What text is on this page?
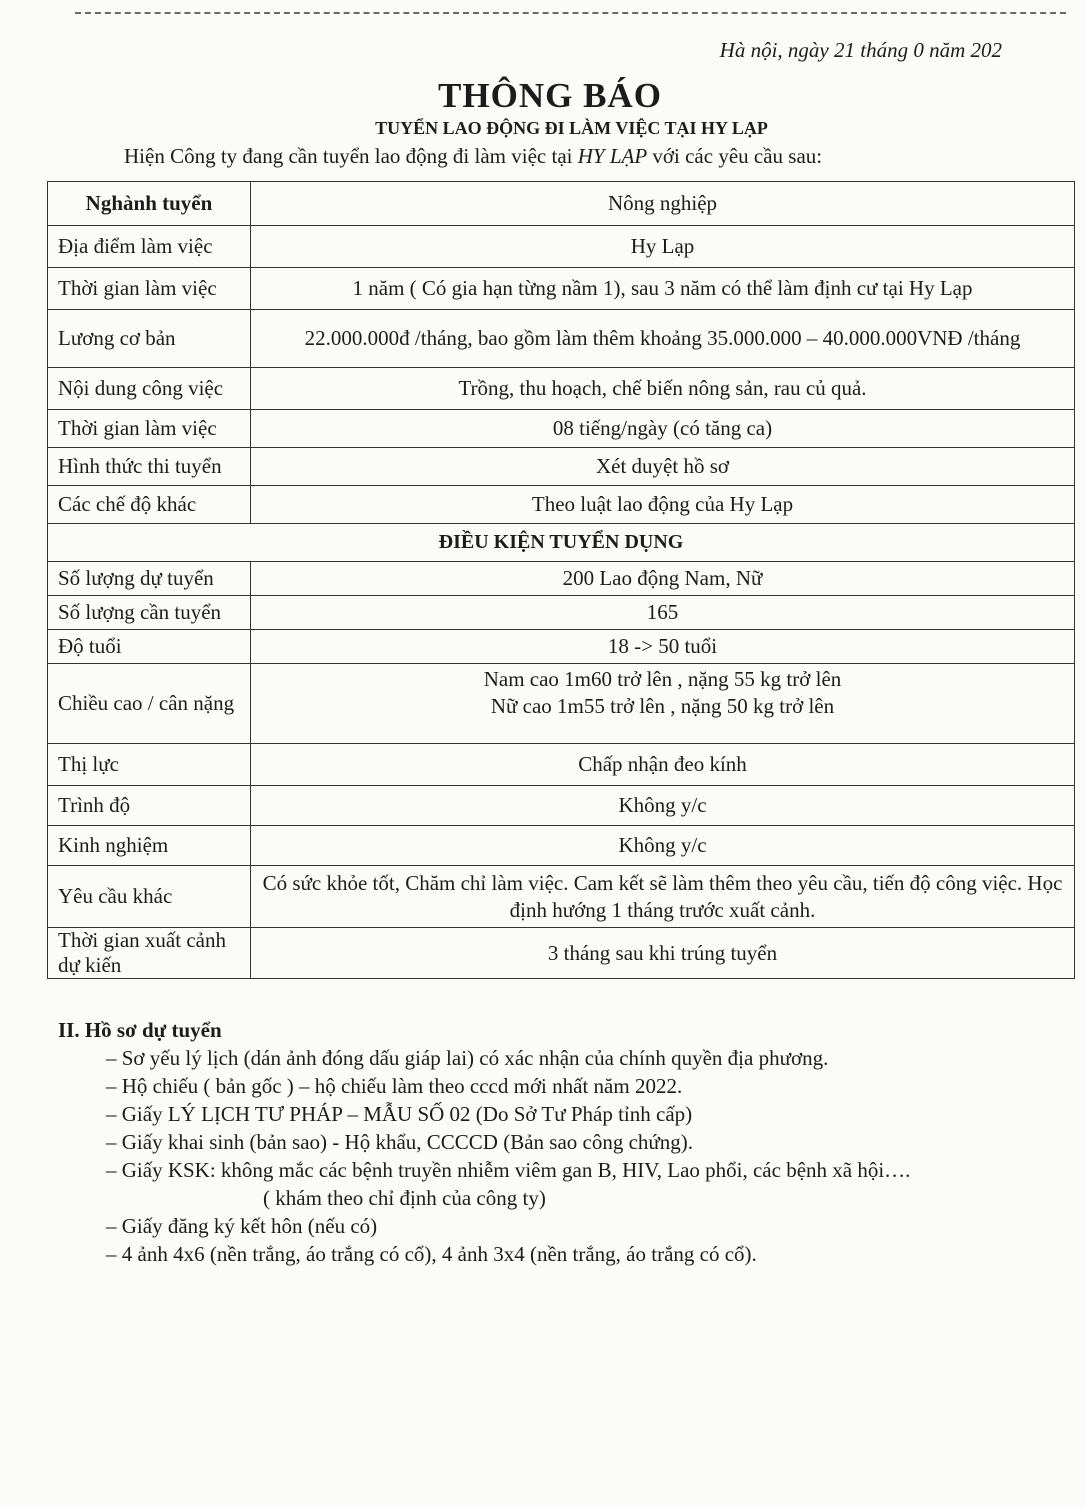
Hà nội, ngày 21 tháng 0 năm 202
THÔNG BÁO
TUYỂN LAO ĐỘNG ĐI LÀM VIỆC TẠI HY LẠP
Hiện Công ty đang cần tuyển lao động đi làm việc tại HY LẠP với các yêu cầu sau:
Nghành tuyển	Nông nghiệp
Địa điểm làm việc	Hy Lạp
Thời gian làm việc	1 năm ( Có gia hạn từng nầm 1), sau 3 năm có thể làm định cư tại Hy Lạp
Lương cơ bản	22.000.000đ /tháng, bao gồm làm thêm khoảng 35.000.000 – 40.000.000VNĐ /tháng
Nội dung công việc	Trồng, thu hoạch, chế biến nông sản, rau củ quả.
Thời gian làm việc	08 tiếng/ngày (có tăng ca)
Hình thức thi tuyển	Xét duyệt hồ sơ
Các chế độ khác	Theo luật lao động của Hy Lạp
ĐIỀU KIỆN TUYỂN DỤNG	
Số lượng dự tuyển	200 Lao động Nam, Nữ
Số lượng cần tuyển	165
Độ tuổi	18 -> 50 tuổi
Chiều cao / cân nặng	Nam cao 1m60 trở lên , nặng 55 kg trở lên
Nữ cao 1m55 trở lên , nặng 50 kg trở lên

Thị lực	Chấp nhận đeo kính
Trình độ	Không y/c
Kinh nghiệm	Không y/c
Yêu cầu khác	Có sức khỏe tốt, Chăm chỉ làm việc. Cam kết sẽ làm thêm theo yêu cầu, tiến độ công việc. Học định hướng 1 tháng trước xuất cảnh.
Thời gian xuất cảnh dự kiến	3 tháng sau khi trúng tuyển
II. Hồ sơ dự tuyển
– Sơ yếu lý lịch (dán ảnh đóng dấu giáp lai) có xác nhận của chính quyền địa phương.
– Hộ chiếu ( bản gốc ) – hộ chiếu làm theo cccd mới nhất năm 2022.
– Giấy LÝ LỊCH TƯ PHÁP – MẪU SỐ 02 (Do Sở Tư Pháp tỉnh cấp)
– Giấy khai sinh (bản sao) - Hộ khẩu, CCCCD (Bản sao công chứng).
– Giấy KSK: không mắc các bệnh truyền nhiễm viêm gan B, HIV, Lao phổi, các bệnh xã hội….
( khám theo chỉ định của công ty)
– Giấy đăng ký kết hôn (nếu có)
– 4 ảnh 4x6 (nền trắng, áo trắng có cổ), 4 ảnh 3x4 (nền trắng, áo trắng có cổ).
